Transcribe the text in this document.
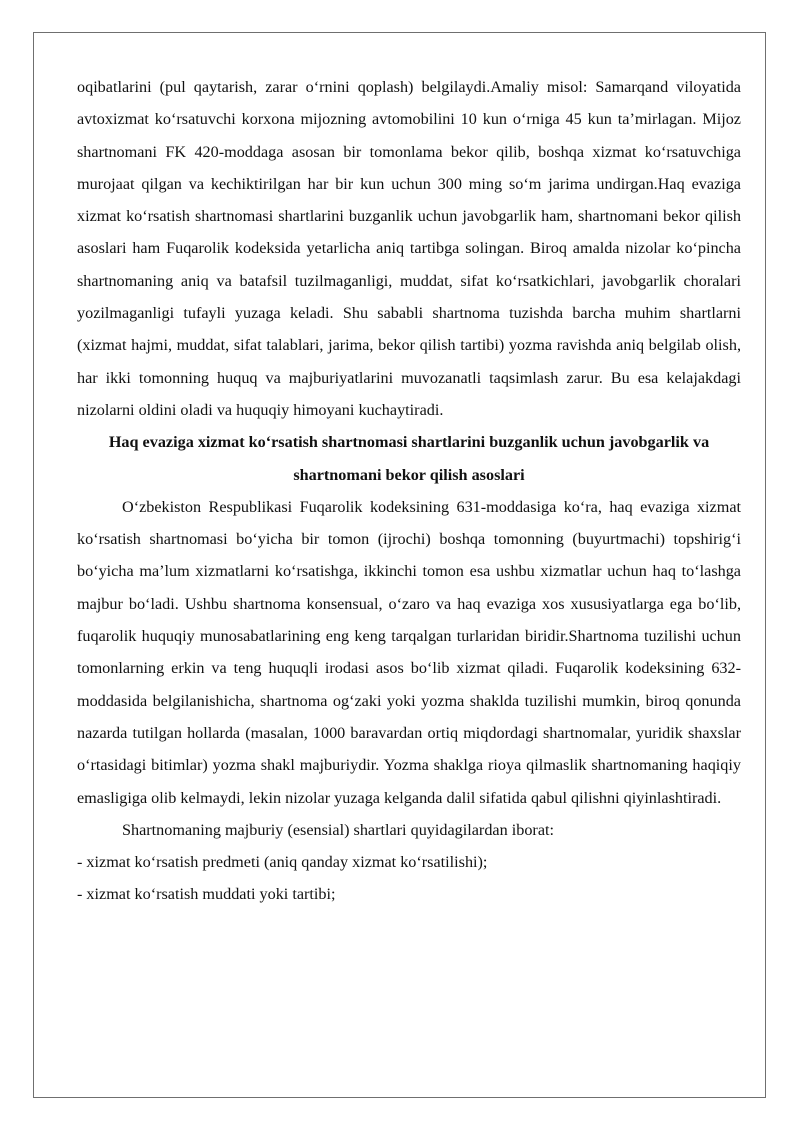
oqibatlarini (pul qaytarish, zarar o‘rnini qoplash) belgilaydi.Amaliy misol: Samarqand viloyatida avtoxizmat ko‘rsatuvchi korxona mijozning avtomobilini 10 kun o‘rniga 45 kun ta’mirlagan. Mijoz shartnomani FK 420-moddaga asosan bir tomonlama bekor qilib, boshqa xizmat ko‘rsatuvchiga murojaat qilgan va kechiktirilgan har bir kun uchun 300 ming so‘m jarima undirgan.Haq evaziga xizmat ko‘rsatish shartnomasi shartlarini buzganlik uchun javobgarlik ham, shartnomani bekor qilish asoslari ham Fuqarolik kodeksida yetarlicha aniq tartibga solingan. Biroq amalda nizolar ko‘pincha shartnomaning aniq va batafsil tuzilmaganligi, muddat, sifat ko‘rsatkichlari, javobgarlik choralari yozilmaganligi tufayli yuzaga keladi. Shu sababli shartnoma tuzishda barcha muhim shartlarni (xizmat hajmi, muddat, sifat talablari, jarima, bekor qilish tartibi) yozma ravishda aniq belgilab olish, har ikki tomonning huquq va majburiyatlarini muvozanatli taqsimlash zarur. Bu esa kelajakdagi nizolarni oldini oladi va huquqiy himoyani kuchaytiradi.

Haq evaziga xizmat ko‘rsatish shartnomasi shartlarini buzganlik uchun javobgarlik va shartnomani bekor qilish asoslari

O‘zbekiston Respublikasi Fuqarolik kodeksining 631-moddasiga ko‘ra, haq evaziga xizmat ko‘rsatish shartnomasi bo‘yicha bir tomon (ijrochi) boshqa tomonning (buyurtmachi) topshirig‘i bo‘yicha ma’lum xizmatlarni ko‘rsatishga, ikkinchi tomon esa ushbu xizmatlar uchun haq to‘lashga majbur bo‘ladi. Ushbu shartnoma konsensual, o‘zaro va haq evaziga xos xususiyatlarga ega bo‘lib, fuqarolik huquqiy munosabatlarining eng keng tarqalgan turlaridan biridir.Shartnoma tuzilishi uchun tomonlarning erkin va teng huquqli irodasi asos bo‘lib xizmat qiladi. Fuqarolik kodeksining 632-moddasida belgilanishicha, shartnoma og‘zaki yoki yozma shaklda tuzilishi mumkin, biroq qonunda nazarda tutilgan hollarda (masalan, 1000 baravardan ortiq miqdordagi shartnomalar, yuridik shaxslar o‘rtasidagi bitimlar) yozma shakl majburiydir. Yozma shaklga rioya qilmaslik shartnomaning haqiqiy emasligiga olib kelmaydi, lekin nizolar yuzaga kelganda dalil sifatida qabul qilishni qiyinlashtiradi.

Shartnomaning majburiy (esensial) shartlari quyidagilardan iborat:

- xizmat ko‘rsatish predmeti (aniq qanday xizmat ko‘rsatilishi);
- xizmat ko‘rsatish muddati yoki tartibi;
